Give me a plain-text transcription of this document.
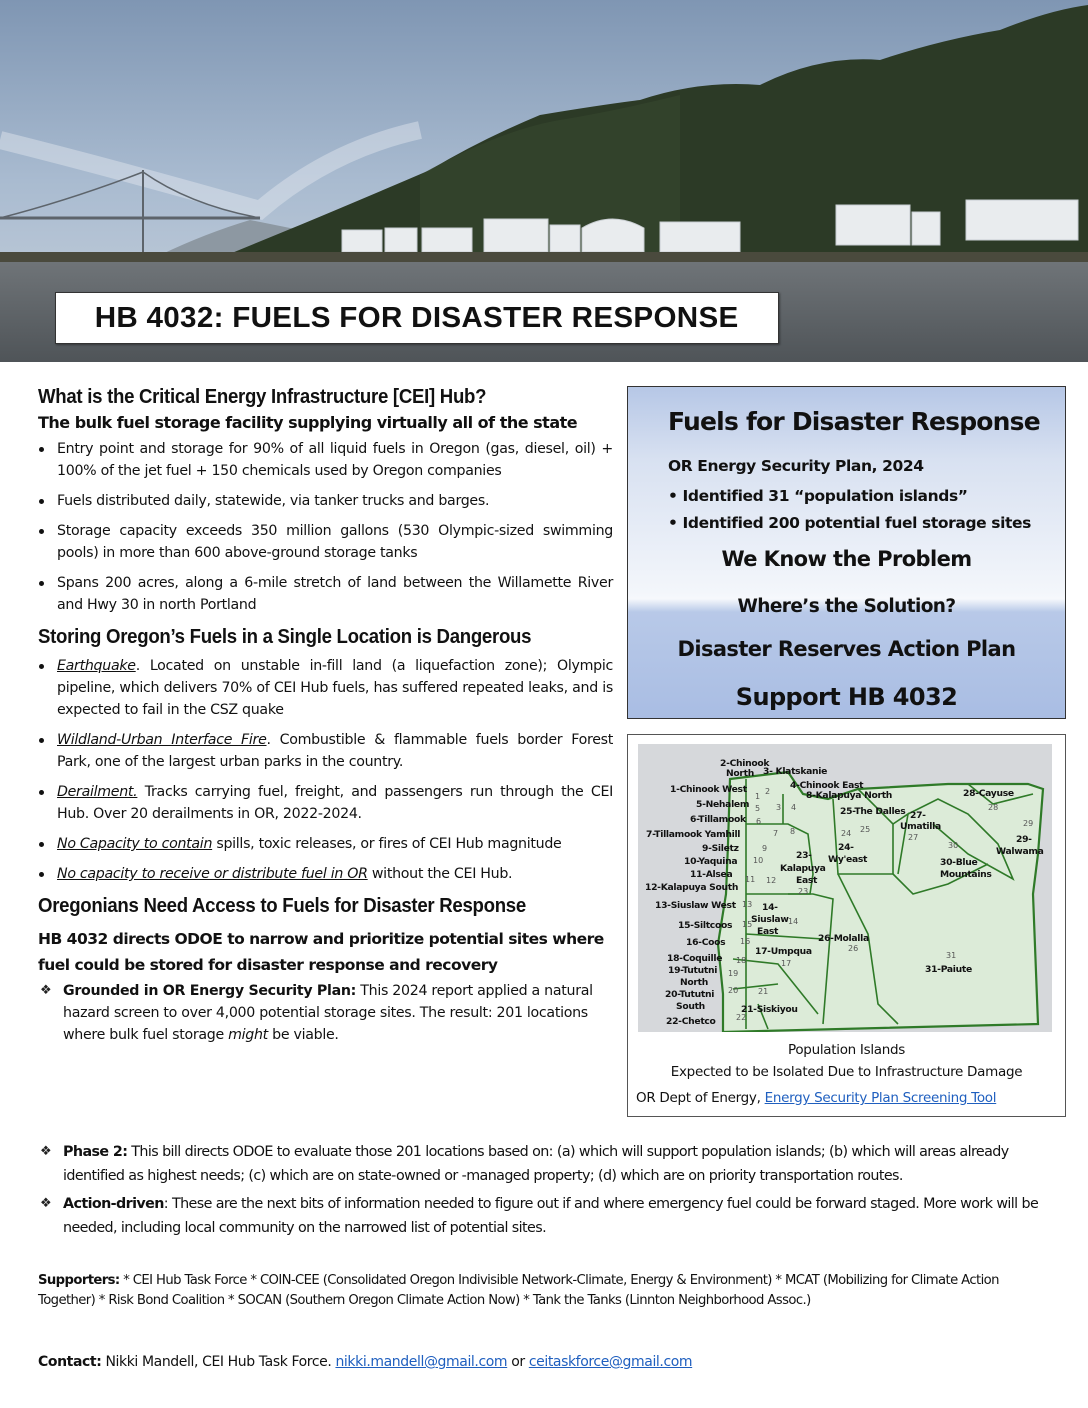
HB 4032: FUELS FOR DISASTER RESPONSE
What is the Critical Energy Infrastructure [CEI] Hub?
The bulk fuel storage facility supplying virtually all of the state
Entry point and storage for 90% of all liquid fuels in Oregon (gas, diesel, oil) + 100% of the jet fuel + 150 chemicals used by Oregon companies
Fuels distributed daily, statewide, via tanker trucks and barges.
Storage capacity exceeds 350 million gallons (530 Olympic-sized swimming pools) in more than 600 above-ground storage tanks
Spans 200 acres, along a 6-mile stretch of land between the Willamette River and Hwy 30 in north Portland
Storing Oregon’s Fuels in a Single Location is Dangerous
Earthquake. Located on unstable in-fill land (a liquefaction zone); Olympic pipeline, which delivers 70% of CEI Hub fuels, has suffered repeated leaks, and is expected to fail in the CSZ quake
Wildland-Urban Interface Fire. Combustible & flammable fuels border Forest Park, one of the largest urban parks in the country.
Derailment. Tracks carrying fuel, freight, and passengers run through the CEI Hub. Over 20 derailments in OR, 2022-2024.
No Capacity to contain spills, toxic releases, or fires of CEI Hub magnitude
No capacity to receive or distribute fuel in OR without the CEI Hub.
Oregonians Need Access to Fuels for Disaster Response
HB 4032 directs ODOE to narrow and prioritize potential sites where fuel could be stored for disaster response and recovery
❖ Grounded in OR Energy Security Plan: This 2024 report applied a natural hazard screen to over 4,000 potential storage sites. The result: 201 locations where bulk fuel storage might be viable.
❖ Phase 2: This bill directs ODOE to evaluate those 201 locations based on: (a) which will support population islands; (b) which will areas already identified as highest needs; (c) which are on state-owned or -managed property; (d) which are on priority transportation routes.
❖ Action-driven: These are the next bits of information needed to figure out if and where emergency fuel could be forward staged. More work will be needed, including local community on the narrowed list of potential sites.
Fuels for Disaster Response
OR Energy Security Plan, 2024
• Identified 31 “population islands”
• Identified 200 potential fuel storage sites
We Know the Problem
Where’s the Solution?
Disaster Reserves Action Plan
Support HB 4032
2-Chinook
North 3- Klatskanie
1-Chinook West	4-Chinook East
8-Kalapuya North
5-Nehalem
6-Tillamook
25-The Dalles 27-
Umatilla
28-Cayuse
7-Tillamook Yamhill
9-Siletz
10-Yaquina
11-Alsea
12-Kalapuya South
23-
Kalapuya
East
24-
Wy'east
29-
Walwama
30-Blue
Mountains
13-Siuslaw West	14-
Siuslaw
East
15-Siltcoos
16-Coos	26-Molalla
17-Umpqua
18-Coquille
19-Tututni
North
20-Tututni
South	21-Siskiyou
22-Chetco
31-Paiute
1
2
3 4
5
6
7 8
9
10
11 12
13
14
15
16
17
18
19
20 21
22
23
24 25
26
27
28
29
30
31
Population Islands
Expected to be Isolated Due to Infrastructure Damage
OR Dept of Energy, Energy Security Plan Screening Tool
Supporters: * CEI Hub Task Force * COIN-CEE (Consolidated Oregon Indivisible Network-Climate, Energy & Environment) * MCAT (Mobilizing for Climate Action Together) * Risk Bond Coalition * SOCAN (Southern Oregon Climate Action Now) * Tank the Tanks (Linnton Neighborhood Assoc.)
Contact: Nikki Mandell, CEI Hub Task Force. nikki.mandell@gmail.com or ceitaskforce@gmail.com
